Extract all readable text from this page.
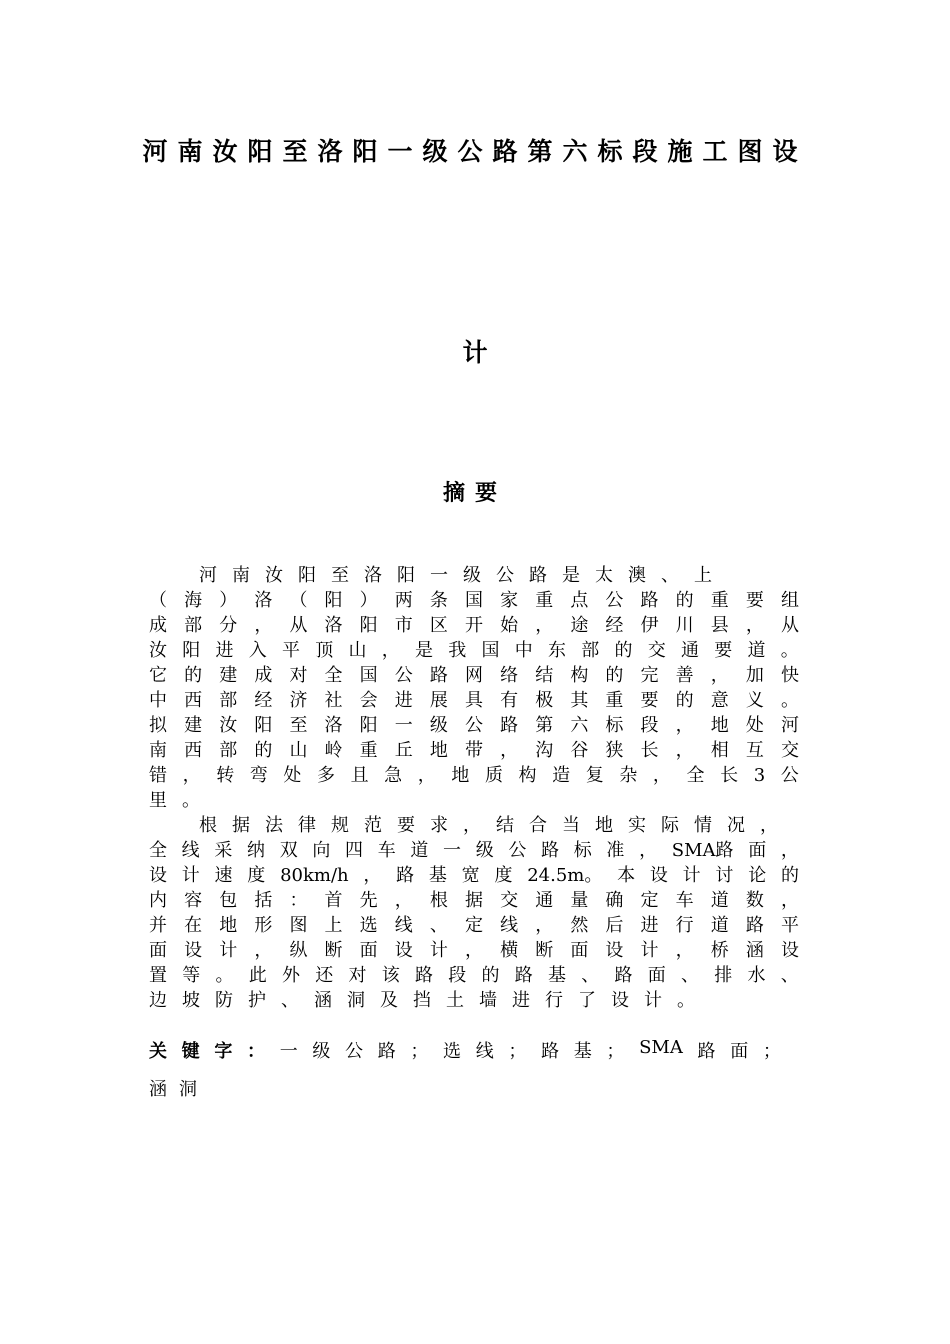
河南汝阳至洛阳一级公路第六标段施工图设
计
摘要
河 南 汝 阳 至 洛 阳 一 级 公 路 是 太 澳 、 上
（ 海 ） 洛 （ 阳 ） 两 条 国 家 重 点 公 路 的 重 要 组
成 部 分 ， 从 洛 阳 市 区 开 始 ， 途 经 伊 川 县 ， 从
汝 阳 进 入 平 顶 山 ， 是 我 国 中 东 部 的 交 通 要 道 。
它 的 建 成 对 全 国 公 路 网 络 结 构 的 完 善 ， 加 快
中 西 部 经 济 社 会 进 展 具 有 极 其 重 要 的 意 义 。
拟 建 汝 阳 至 洛 阳 一 级 公 路 第 六 标 段 ， 地 处 河
南 西 部 的 山 岭 重 丘 地 带 ， 沟 谷 狭 长 ， 相 互 交
错 ， 转 弯 处 多 且 急 ， 地 质 构 造 复 杂 ， 全 长 3 公
里 。
根 据 法 律 规 范 要 求 ， 结 合 当 地 实 际 情 况 ，
全 线 采 纳 双 向 四 车 道 一 级 公 路 标 准 ， SMA路 面 ，
设 计 速 度 80km/h ， 路 基 宽 度 24.5m。 本 设 计 讨 论 的
内 容 包 括 ： 首 先 ， 根 据 交 通 量 确 定 车 道 数 ，
并 在 地 形 图 上 选 线 、 定 线 ， 然 后 进 行 道 路 平
面 设 计 ， 纵 断 面 设 计 ， 横 断 面 设 计 ， 桥 涵 设
置 等 。 此 外 还 对 该 路 段 的 路 基 、 路 面 、 排 水 、
边 坡 防 护 、 涵 洞 及 挡 土 墙 进 行 了 设 计 。
关 键 字 ： 一 级 公 路 ； 选 线 ； 路 基 ； SMA 路 面 ；
涵洞
